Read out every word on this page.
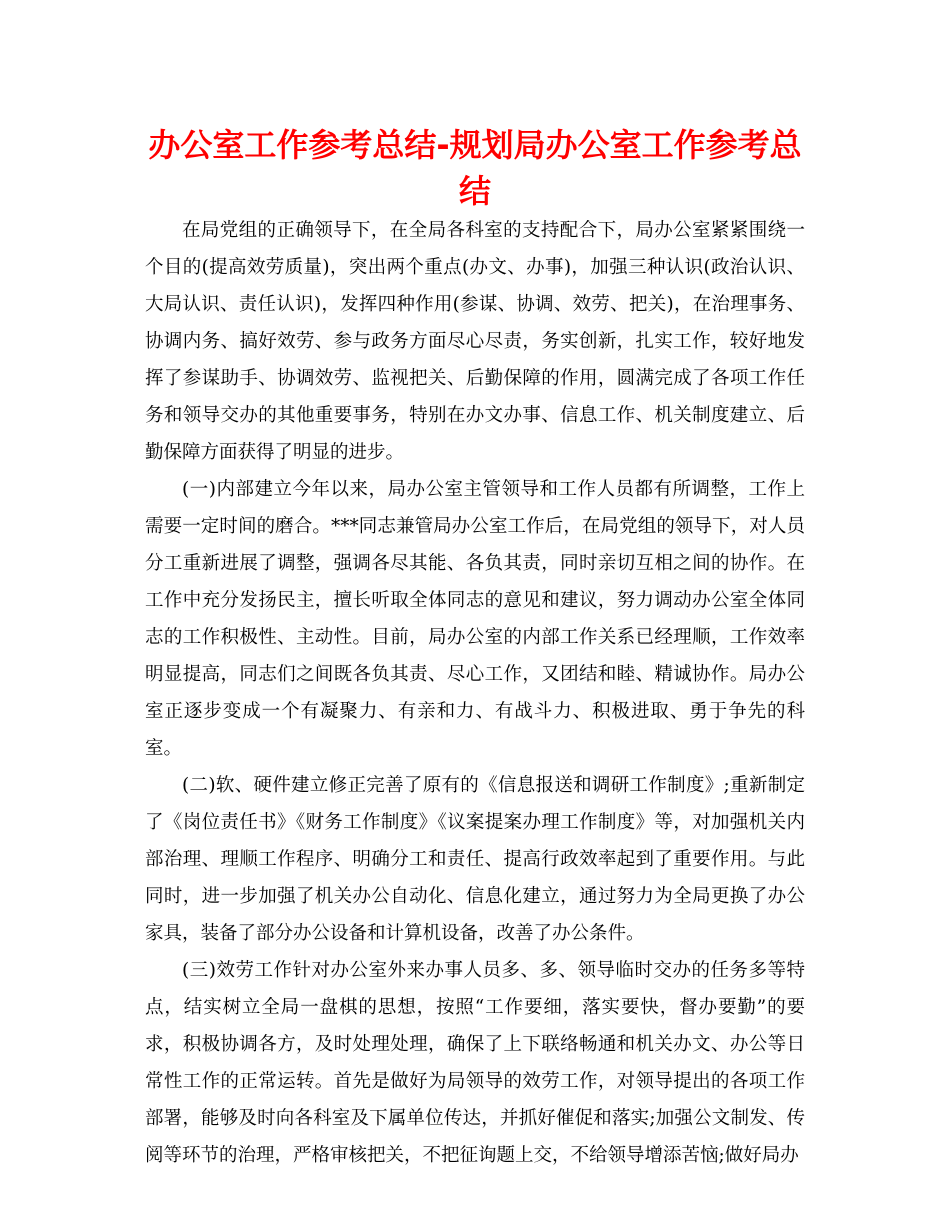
办公室工作参考总结-规划局办公室工作参考总结

在局党组的正确领导下，在全局各科室的支持配合下，局办公室紧紧围绕一个目的(提高效劳质量)，突出两个重点(办文、办事)，加强三种认识(政治认识、大局认识、责任认识)，发挥四种作用(参谋、协调、效劳、把关)，在治理事务、协调内务、搞好效劳、参与政务方面尽心尽责，务实创新，扎实工作，较好地发挥了参谋助手、协调效劳、监视把关、后勤保障的作用，圆满完成了各项工作任务和领导交办的其他重要事务，特别在办文办事、信息工作、机关制度建立、后勤保障方面获得了明显的进步。

(一)内部建立今年以来，局办公室主管领导和工作人员都有所调整，工作上需要一定时间的磨合。***同志兼管局办公室工作后，在局党组的领导下，对人员分工重新进展了调整，强调各尽其能、各负其责，同时亲切互相之间的协作。在工作中充分发扬民主，擅长听取全体同志的意见和建议，努力调动办公室全体同志的工作积极性、主动性。目前，局办公室的内部工作关系已经理顺，工作效率明显提高，同志们之间既各负其责、尽心工作，又团结和睦、精诚协作。局办公室正逐步变成一个有凝聚力、有亲和力、有战斗力、积极进取、勇于争先的科室。

(二)软、硬件建立修正完善了原有的《信息报送和调研工作制度》;重新制定了《岗位责任书》《财务工作制度》《议案提案办理工作制度》等，对加强机关内部治理、理顺工作程序、明确分工和责任、提高行政效率起到了重要作用。与此同时，进一步加强了机关办公自动化、信息化建立，通过努力为全局更换了办公家具，装备了部分办公设备和计算机设备，改善了办公条件。

(三)效劳工作针对办公室外来办事人员多、多、领导临时交办的任务多等特点，结实树立全局一盘棋的思想，按照“工作要细，落实要快，督办要勤”的要求，积极协调各方，及时处理处理，确保了上下联络畅通和机关办文、办公等日常性工作的正常运转。首先是做好为局领导的效劳工作，对领导提出的各项工作部署，能够及时向各科室及下属单位传达，并抓好催促和落实;加强公文制发、传阅等环节的治理，严格审核把关，不把征询题上交，不给领导增添苦恼;做好局办
